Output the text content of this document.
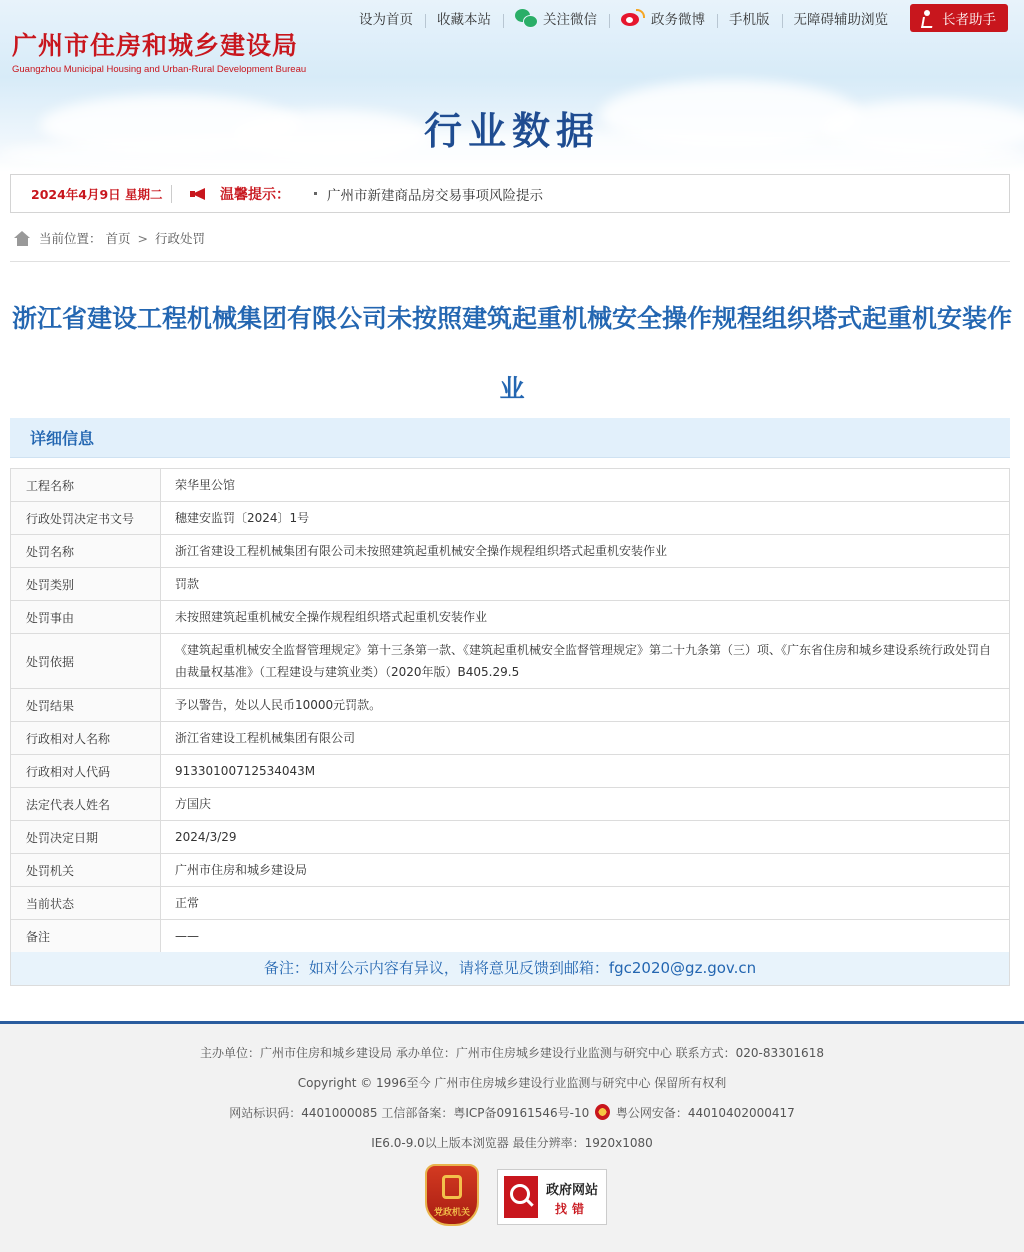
广州市住房和城乡建设局
Guangzhou Municipal Housing and Urban-Rural Development Bureau
设为首页	收藏本站	关注微信	政务微博	手机版	无障碍辅助浏览	长者助手
行业数据
2024年4月9日 星期二	温馨提示：	广州市新建商品房交易事项风险提示
当前位置： 首页 > 行政处罚
浙江省建设工程机械集团有限公司未按照建筑起重机械安全操作规程组织塔式起重机安装作业
详细信息
工程名称	荣华里公馆
行政处罚决定书文号	穗建安监罚〔2024〕1号
处罚名称	浙江省建设工程机械集团有限公司未按照建筑起重机械安全操作规程组织塔式起重机安装作业
处罚类别	罚款
处罚事由	未按照建筑起重机械安全操作规程组织塔式起重机安装作业
处罚依据	《建筑起重机械安全监督管理规定》第十三条第一款、《建筑起重机械安全监督管理规定》第二十九条第（三）项、《广东省住房和城乡建设系统行政处罚自由裁量权基准》（工程建设与建筑业类）（2020年版）B405.29.5
处罚结果	予以警告，处以人民币10000元罚款。
行政相对人名称	浙江省建设工程机械集团有限公司
行政相对人代码	91330100712534043M
法定代表人姓名	方国庆
处罚决定日期	2024/3/29
处罚机关	广州市住房和城乡建设局
当前状态	正常
备注	——
备注：如对公示内容有异议，请将意见反馈到邮箱：fgc2020@gz.gov.cn
主办单位：广州市住房和城乡建设局 承办单位：广州市住房城乡建设行业监测与研究中心 联系方式：020-83301618
Copyright © 1996至今 广州市住房城乡建设行业监测与研究中心 保留所有权利
网站标识码：4401000085 工信部备案：粤ICP备09161546号-10 粤公网安备：44010402000417
IE6.0-9.0以上版本浏览器 最佳分辨率：1920x1080
党政机关
政府网站
找错
